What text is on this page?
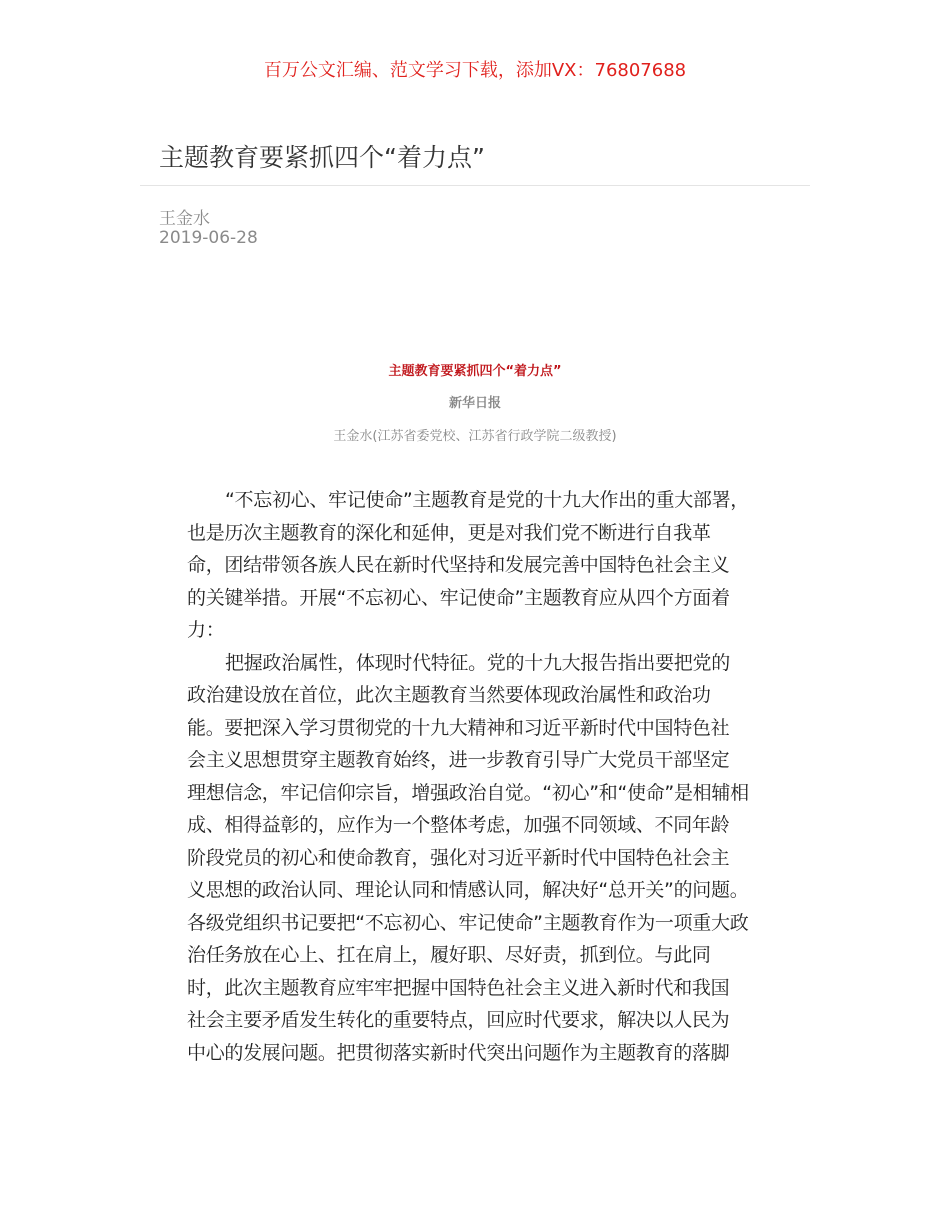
百万公文汇编、范文学习下载，添加VX：76807688
主题教育要紧抓四个“着力点”
王金水
2019-06-28
主题教育要紧抓四个“着力点”
新华日报
王金水(江苏省委党校、江苏省行政学院二级教授)
“不忘初心、牢记使命”主题教育是党的十九大作出的重大部署，
也是历次主题教育的深化和延伸，更是对我们党不断进行自我革
命，团结带领各族人民在新时代坚持和发展完善中国特色社会主义
的关键举措。开展“不忘初心、牢记使命”主题教育应从四个方面着
力：
把握政治属性，体现时代特征。党的十九大报告指出要把党的
政治建设放在首位，此次主题教育当然要体现政治属性和政治功
能。要把深入学习贯彻党的十九大精神和习近平新时代中国特色社
会主义思想贯穿主题教育始终，进一步教育引导广大党员干部坚定
理想信念，牢记信仰宗旨，增强政治自觉。“初心”和“使命”是相辅相
成、相得益彰的，应作为一个整体考虑，加强不同领域、不同年龄
阶段党员的初心和使命教育，强化对习近平新时代中国特色社会主
义思想的政治认同、理论认同和情感认同，解决好“总开关”的问题。
各级党组织书记要把“不忘初心、牢记使命”主题教育作为一项重大政
治任务放在心上、扛在肩上，履好职、尽好责，抓到位。与此同
时，此次主题教育应牢牢把握中国特色社会主义进入新时代和我国
社会主要矛盾发生转化的重要特点，回应时代要求，解决以人民为
中心的发展问题。把贯彻落实新时代突出问题作为主题教育的落脚
